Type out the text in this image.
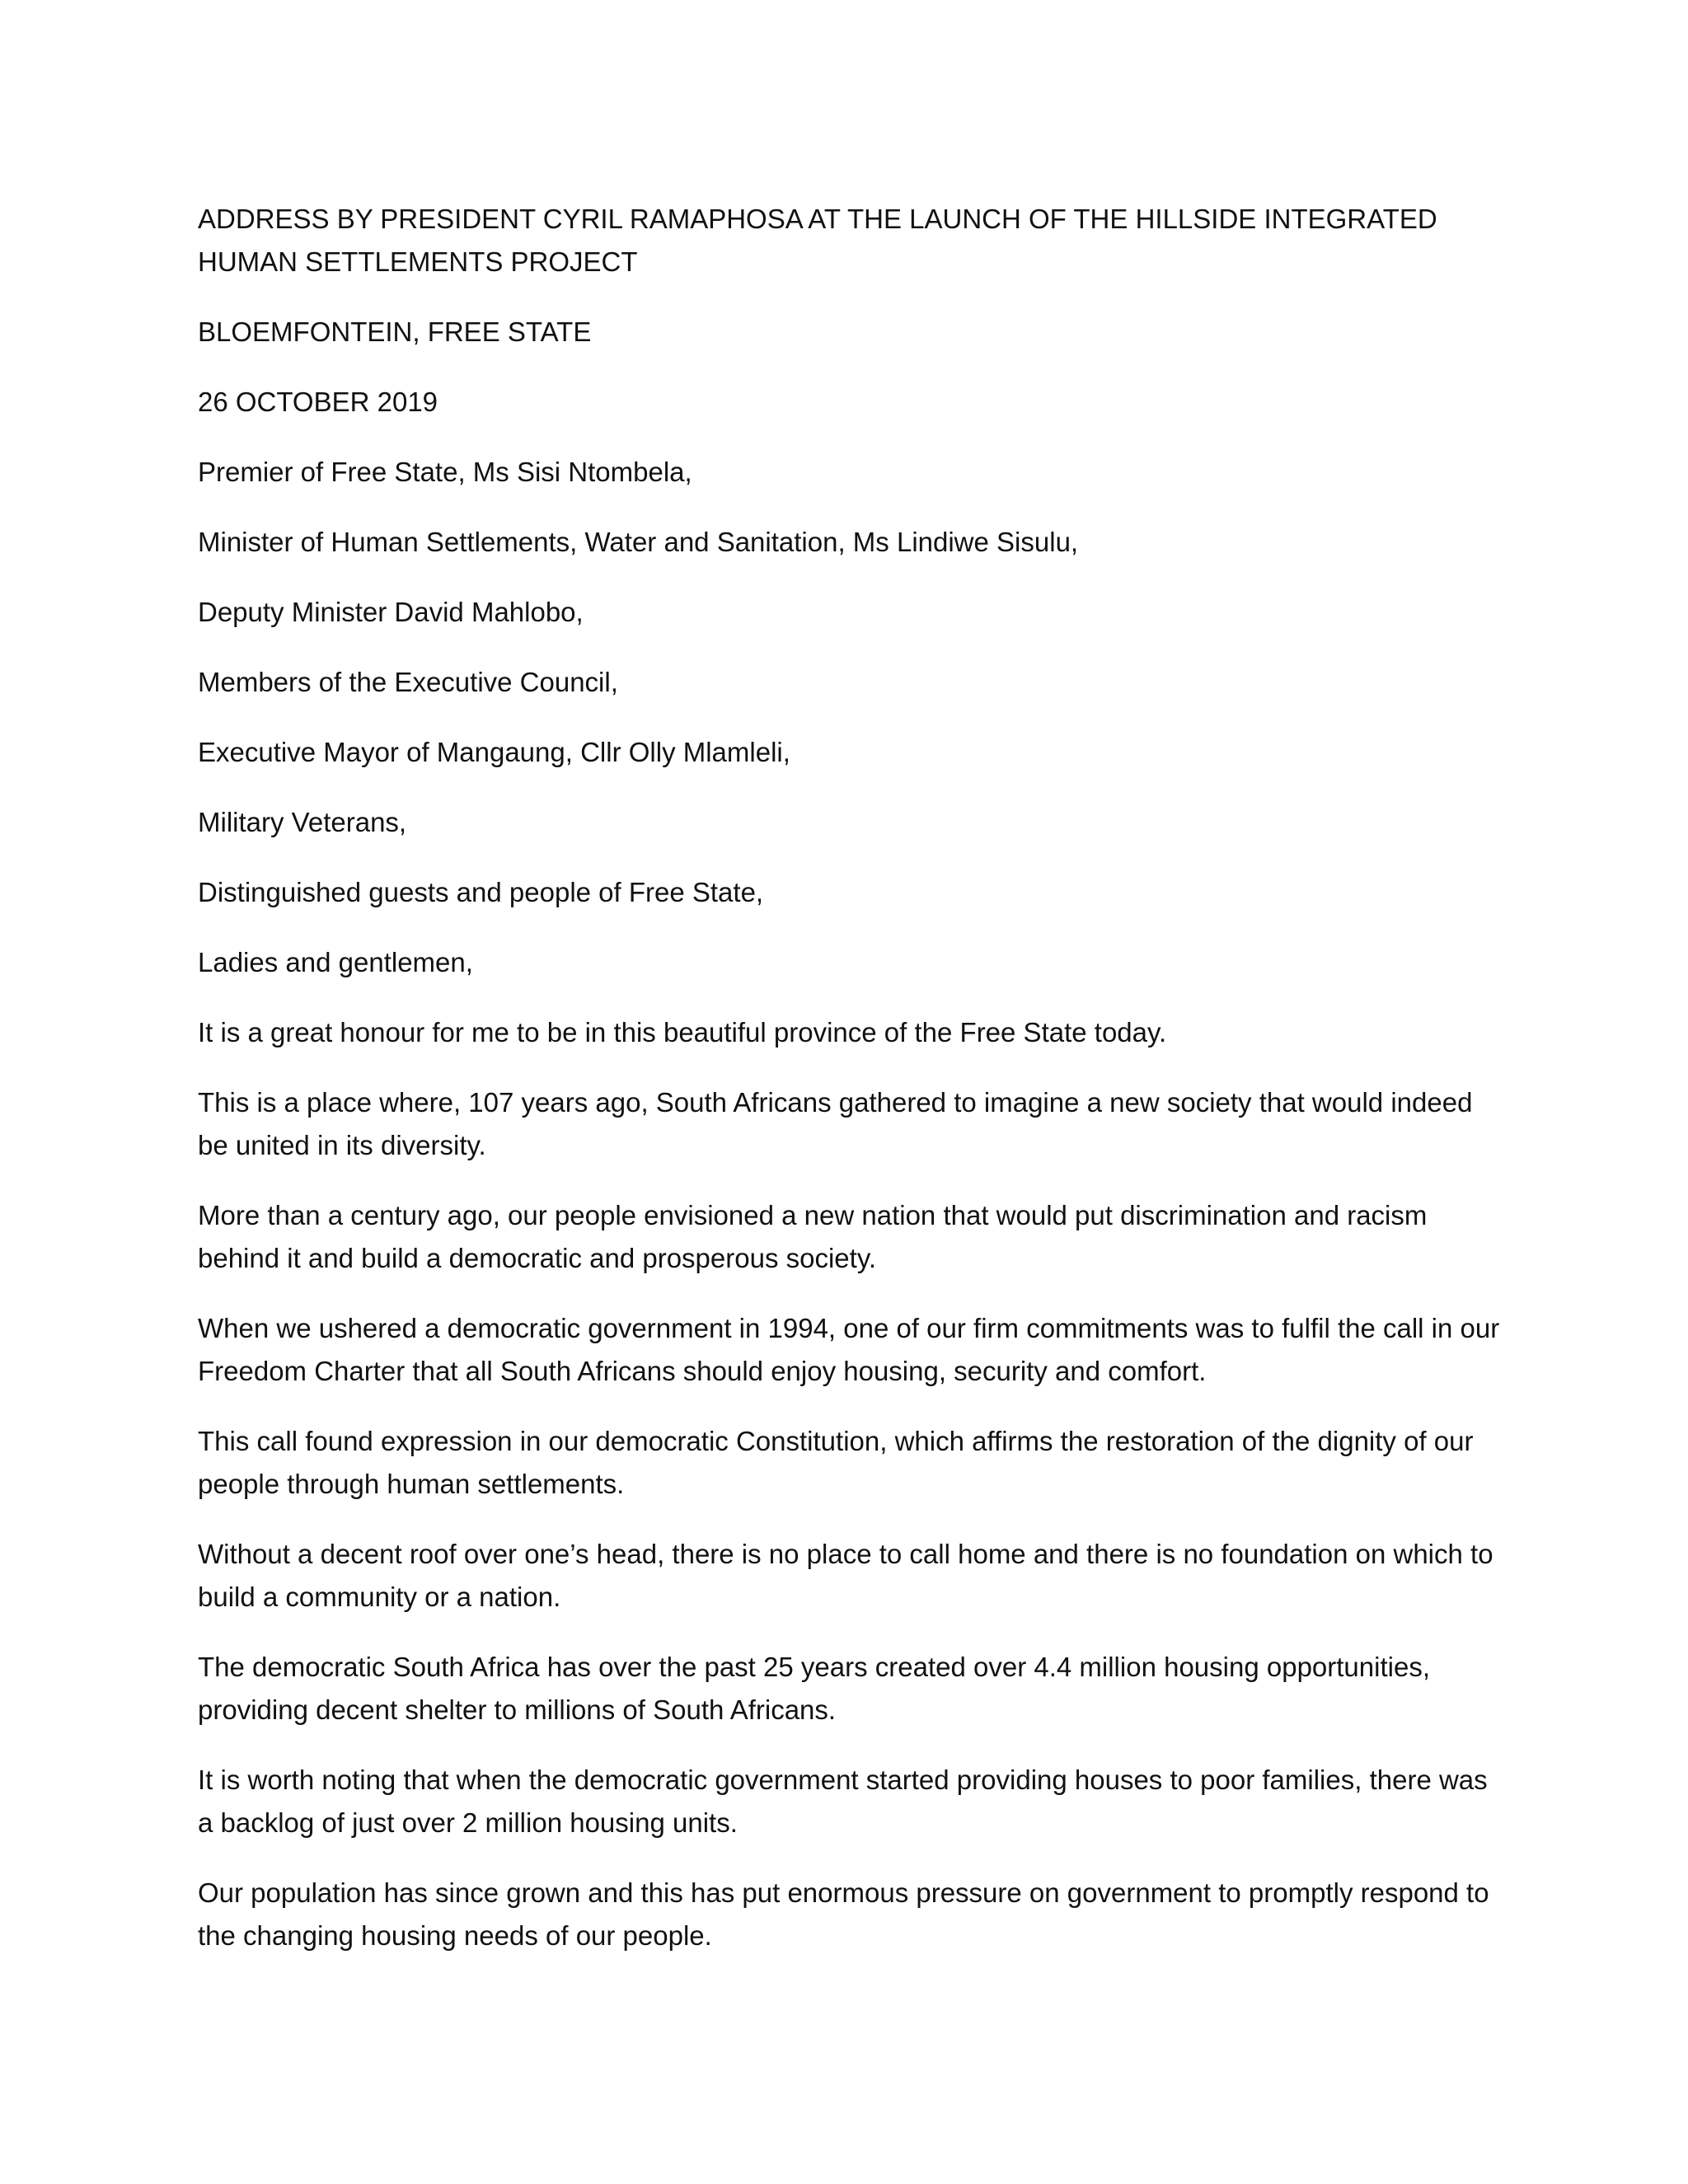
ADDRESS BY PRESIDENT CYRIL RAMAPHOSA AT THE LAUNCH OF THE HILLSIDE INTEGRATED HUMAN SETTLEMENTS PROJECT

BLOEMFONTEIN, FREE STATE

26 OCTOBER 2019

Premier of Free State, Ms Sisi Ntombela,

Minister of Human Settlements, Water and Sanitation, Ms Lindiwe Sisulu,

Deputy Minister David Mahlobo,

Members of the Executive Council,

Executive Mayor of Mangaung, Cllr Olly Mlamleli,

Military Veterans,

Distinguished guests and people of Free State,

Ladies and gentlemen,

It is a great honour for me to be in this beautiful province of the Free State today.

This is a place where, 107 years ago, South Africans gathered to imagine a new society that would indeed be united in its diversity.

More than a century ago, our people envisioned a new nation that would put discrimination and racism behind it and build a democratic and prosperous society.

When we ushered a democratic government in 1994, one of our firm commitments was to fulfil the call in our Freedom Charter that all South Africans should enjoy housing, security and comfort.

This call found expression in our democratic Constitution, which affirms the restoration of the dignity of our people through human settlements.

Without a decent roof over one’s head, there is no place to call home and there is no foundation on which to build a community or a nation.

The democratic South Africa has over the past 25 years created over 4.4 million housing opportunities, providing decent shelter to millions of South Africans.

It is worth noting that when the democratic government started providing houses to poor families, there was a backlog of just over 2 million housing units.

Our population has since grown and this has put enormous pressure on government to promptly respond to the changing housing needs of our people.
